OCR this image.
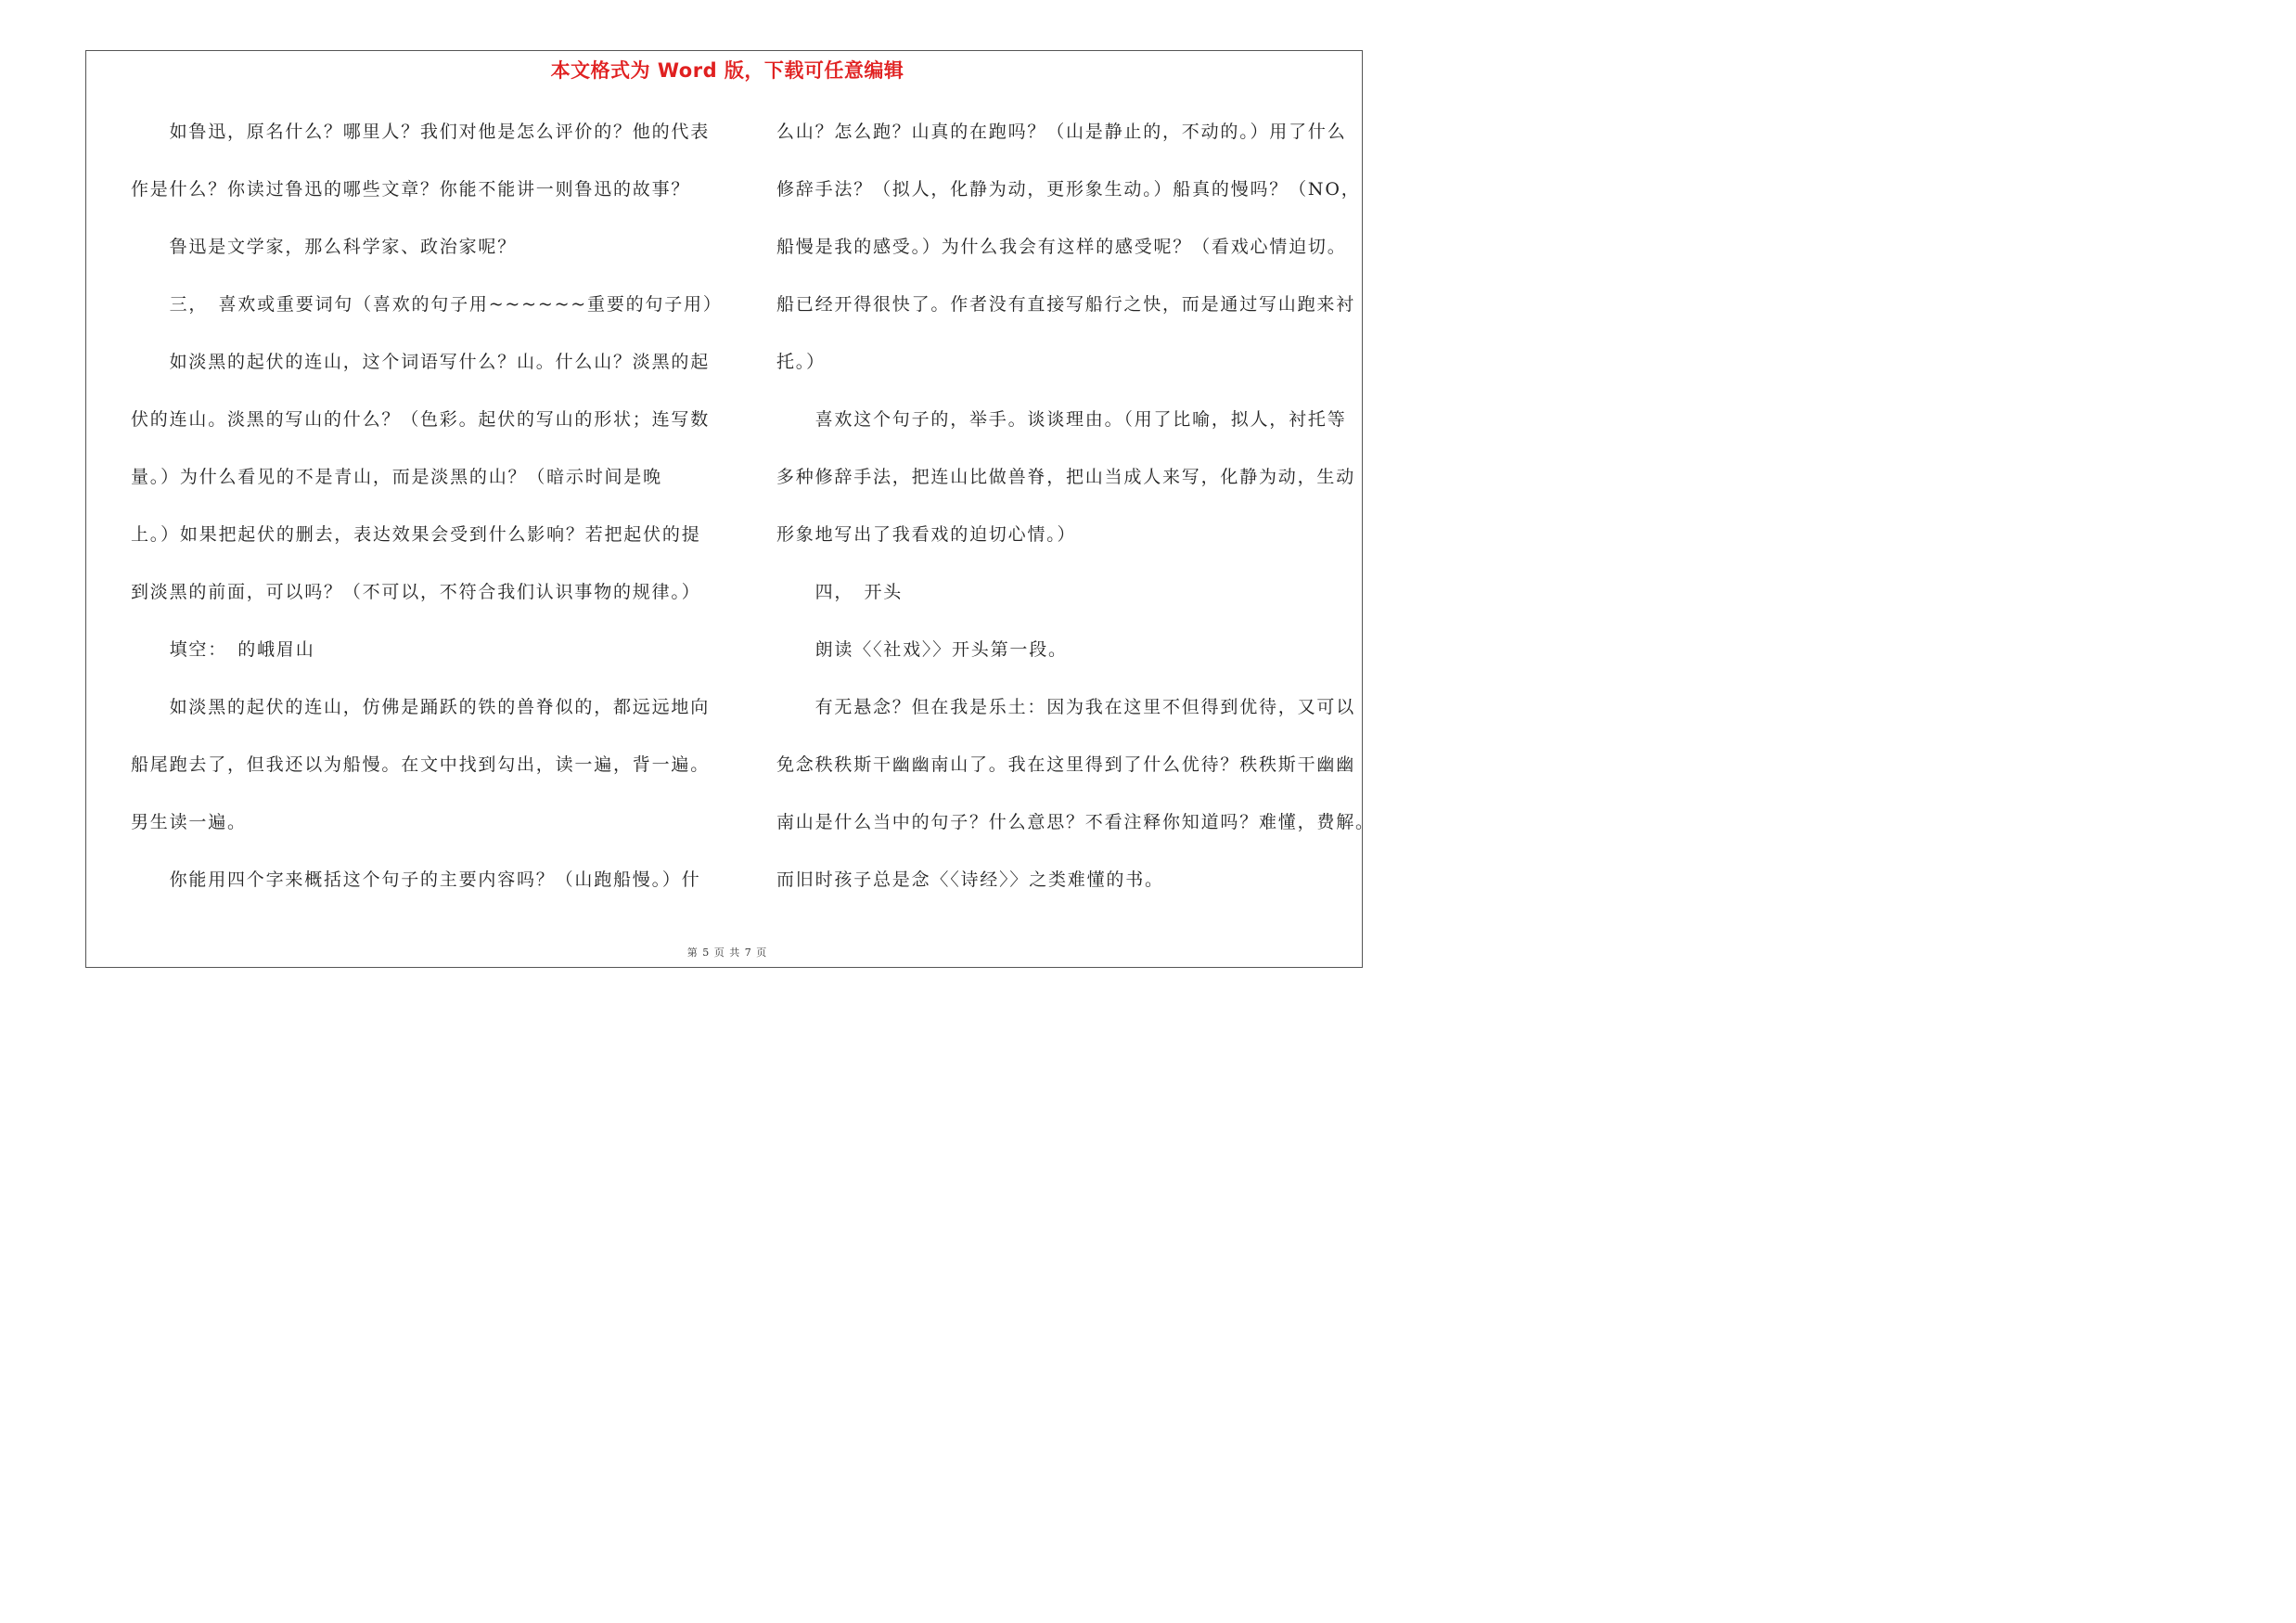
本文格式为 Word 版，下载可任意编辑
　　如鲁迅，原名什么？哪里人？我们对他是怎么评价的？他的代表
作是什么？你读过鲁迅的哪些文章？你能不能讲一则鲁迅的故事？
　　鲁迅是文学家，那么科学家、政治家呢？
　　三，　喜欢或重要词句（喜欢的句子用~~~~~~重要的句子用）
　　如淡黑的起伏的连山，这个词语写什么？山。什么山？淡黑的起
伏的连山。淡黑的写山的什么？（色彩。起伏的写山的形状；连写数
量。）为什么看见的不是青山，而是淡黑的山？（暗示时间是晚
上。）如果把起伏的删去，表达效果会受到什么影响？若把起伏的提
到淡黑的前面，可以吗？（不可以，不符合我们认识事物的规律。）
　　填空：　的峨眉山
　　如淡黑的起伏的连山，仿佛是踊跃的铁的兽脊似的，都远远地向
船尾跑去了，但我还以为船慢。在文中找到勾出，读一遍，背一遍。
男生读一遍。
　　你能用四个字来概括这个句子的主要内容吗？（山跑船慢。）什
么山？怎么跑？山真的在跑吗？（山是静止的，不动的。）用了什么
修辞手法？（拟人，化静为动，更形象生动。）船真的慢吗？（NO，
船慢是我的感受。）为什么我会有这样的感受呢？（看戏心情迫切。
船已经开得很快了。作者没有直接写船行之快，而是通过写山跑来衬
托。）
　　喜欢这个句子的，举手。谈谈理由。（用了比喻，拟人，衬托等
多种修辞手法，把连山比做兽脊，把山当成人来写，化静为动，生动
形象地写出了我看戏的迫切心情。）
　　四，　开头
　　朗读〈〈社戏〉〉开头第一段。
　　有无悬念？但在我是乐土：因为我在这里不但得到优待，又可以
免念秩秩斯干幽幽南山了。我在这里得到了什么优待？秩秩斯干幽幽
南山是什么当中的句子？什么意思？不看注释你知道吗？难懂，费解。
而旧时孩子总是念〈〈诗经〉〉之类难懂的书。
第 5 页 共 7 页
